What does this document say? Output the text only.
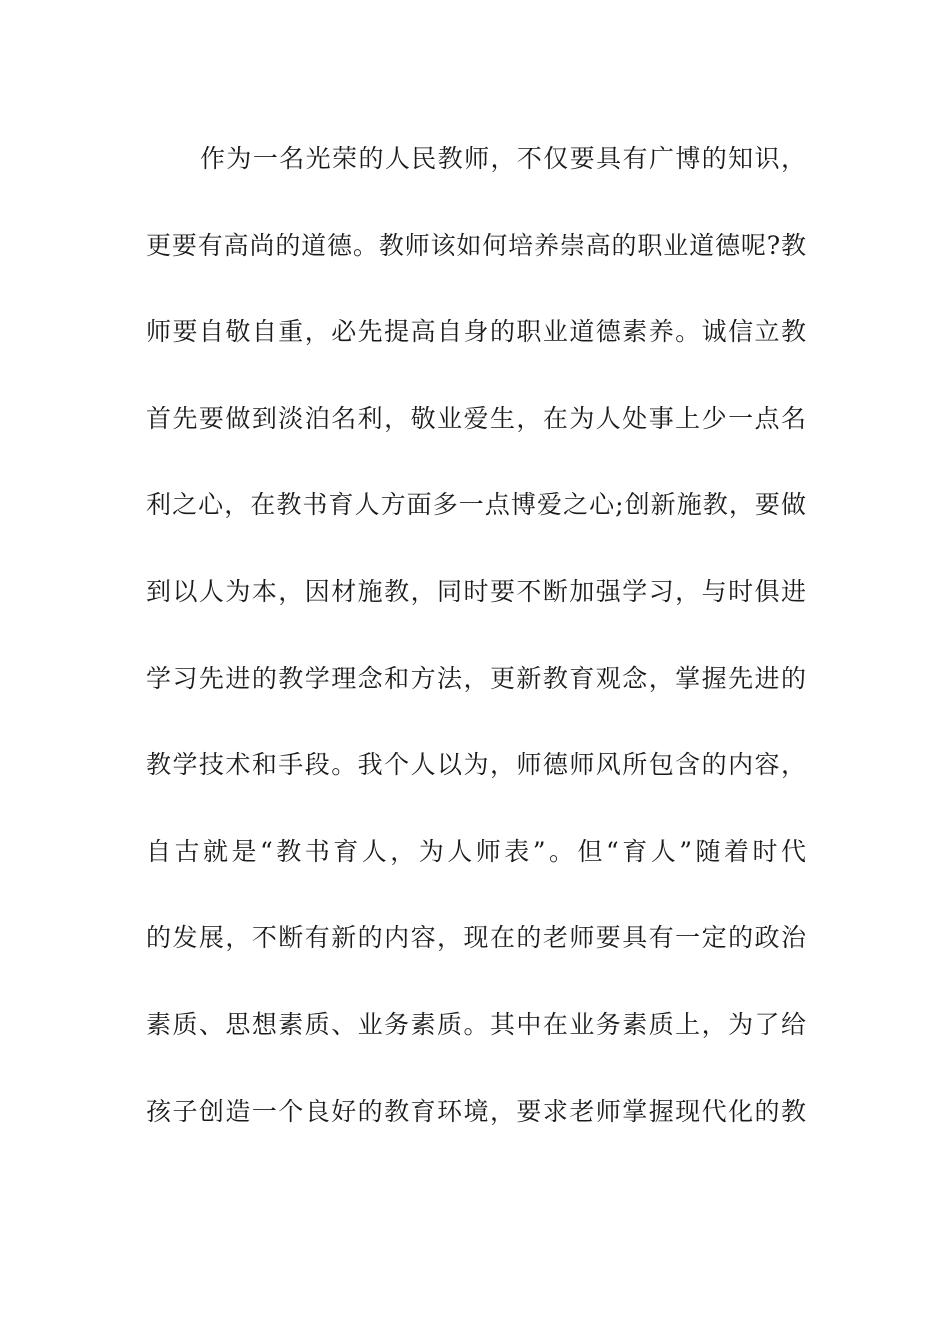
作为一名光荣的人民教师，不仅要具有广博的知识，
更要有高尚的道德。教师该如何培养崇高的职业道德呢?教
师要自敬自重，必先提高自身的职业道德素养。诚信立教
首先要做到淡泊名利，敬业爱生，在为人处事上少一点名
利之心，在教书育人方面多一点博爱之心;创新施教，要做
到以人为本，因材施教，同时要不断加强学习，与时俱进
学习先进的教学理念和方法，更新教育观念，掌握先进的
教学技术和手段。我个人以为，师德师风所包含的内容，
自古就是“教书育人，为人师表”。但“育人”随着时代
的发展，不断有新的内容，现在的老师要具有一定的政治
素质、思想素质、业务素质。其中在业务素质上，为了给
孩子创造一个良好的教育环境，要求老师掌握现代化的教
